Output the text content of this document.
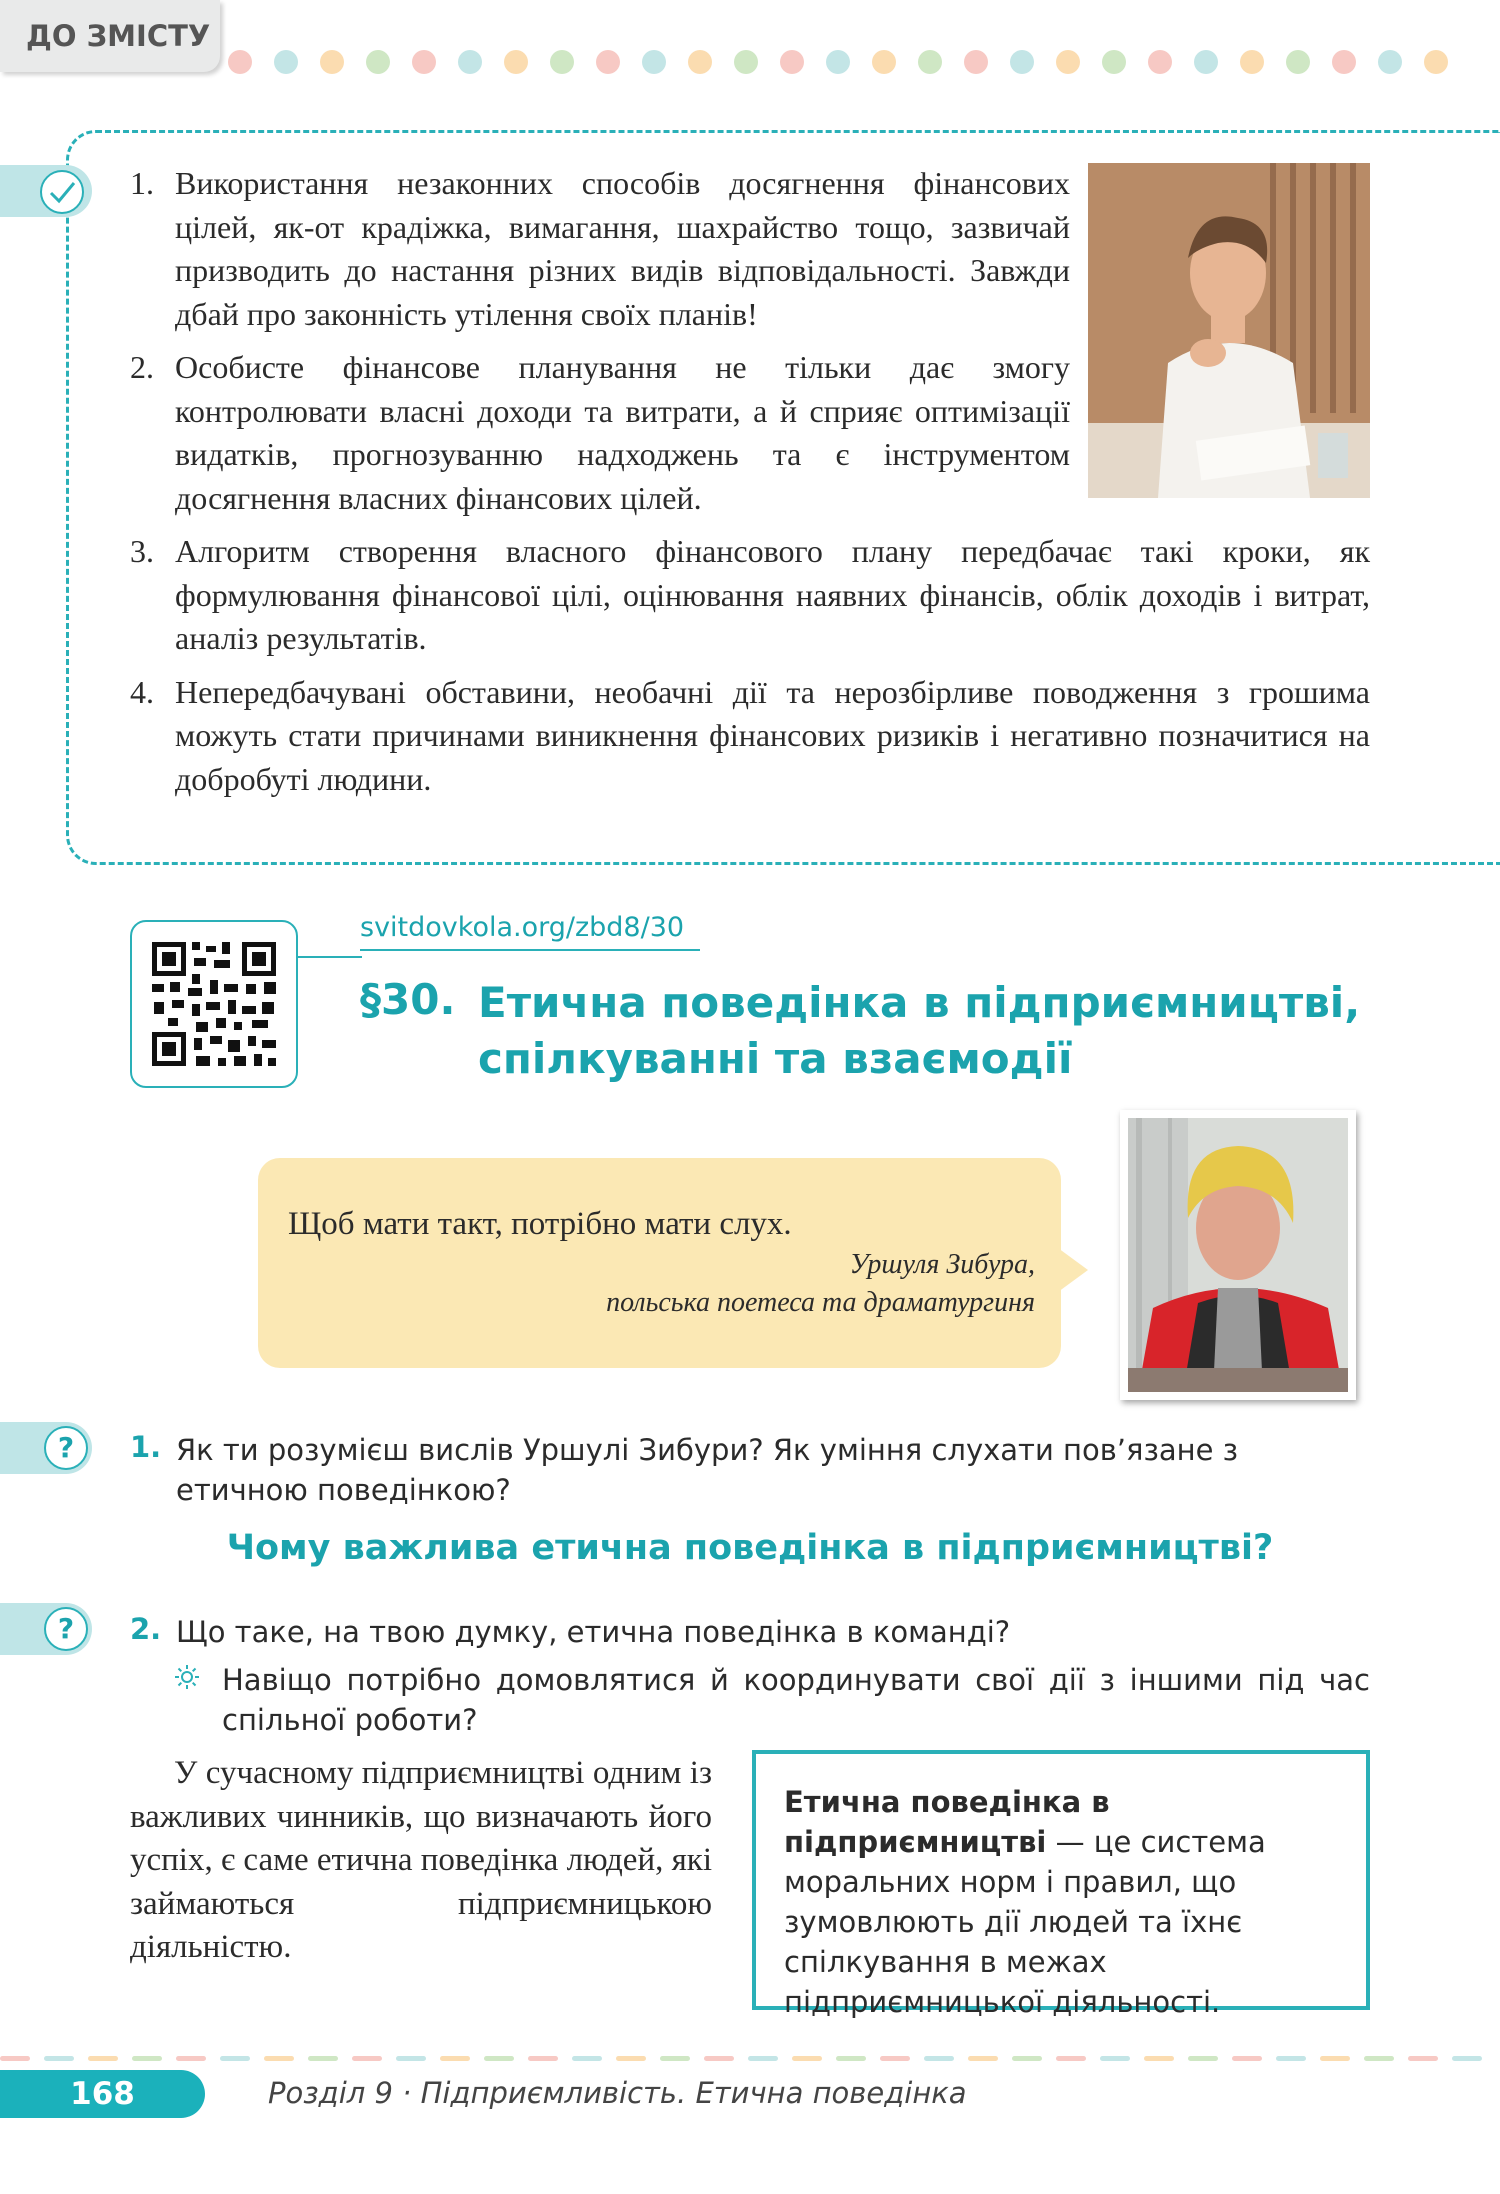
ДО ЗМІСТУ
1. Використання незаконних способів досягнення фінансових цілей, як-от крадіжка, вимагання, шахрайство тощо, зазвичай призводить до настання різних видів відповідальності. Завжди дбай про законність утілення своїх планів!
2. Особисте фінансове планування не тільки дає змогу контролювати власні доходи та витрати, а й сприяє оптимізації видатків, прогнозуванню надходжень та є інструментом досягнення власних фінансових цілей.
3. Алгоритм створення власного фінансового плану передбачає такі кроки, як формулювання фінансової цілі, оцінювання наявних фінансів, облік доходів і витрат, аналіз результатів.
4. Непередбачувані обставини, необачні дії та нерозбірливе поводження з грошима можуть стати причинами виникнення фінансових ризиків і негативно позначитися на добробуті людини.
svitdovkola.org/zbd8/30
§30. Етична поведінка в підприємництві, спілкуванні та взаємодії
Щоб мати такт, потрібно мати слух.
Уршуля Зибура,
польська поетеса та драматургиня
?	1. Як ти розумієш вислів Уршулі Зибури? Як уміння слухати пов’язане з етичною поведінкою?
Чому важлива етична поведінка в підприємництві?
?	2. Що таке, на твою думку, етична поведінка в команді?
Навіщо потрібно домовлятися й координувати свої дії з іншими під час спільної роботи?
У сучасному підприємництві одним із важливих чинників, що визначають його успіх, є саме етична поведінка людей, які займаються підприємницькою діяльністю.
Етична поведінка в підприємництві — це система моральних норм і правил, що зумовлюють дії людей та їхнє спілкування в межах підприємницької діяльності.
168	Розділ 9 · Підприємливість. Етична поведінка
